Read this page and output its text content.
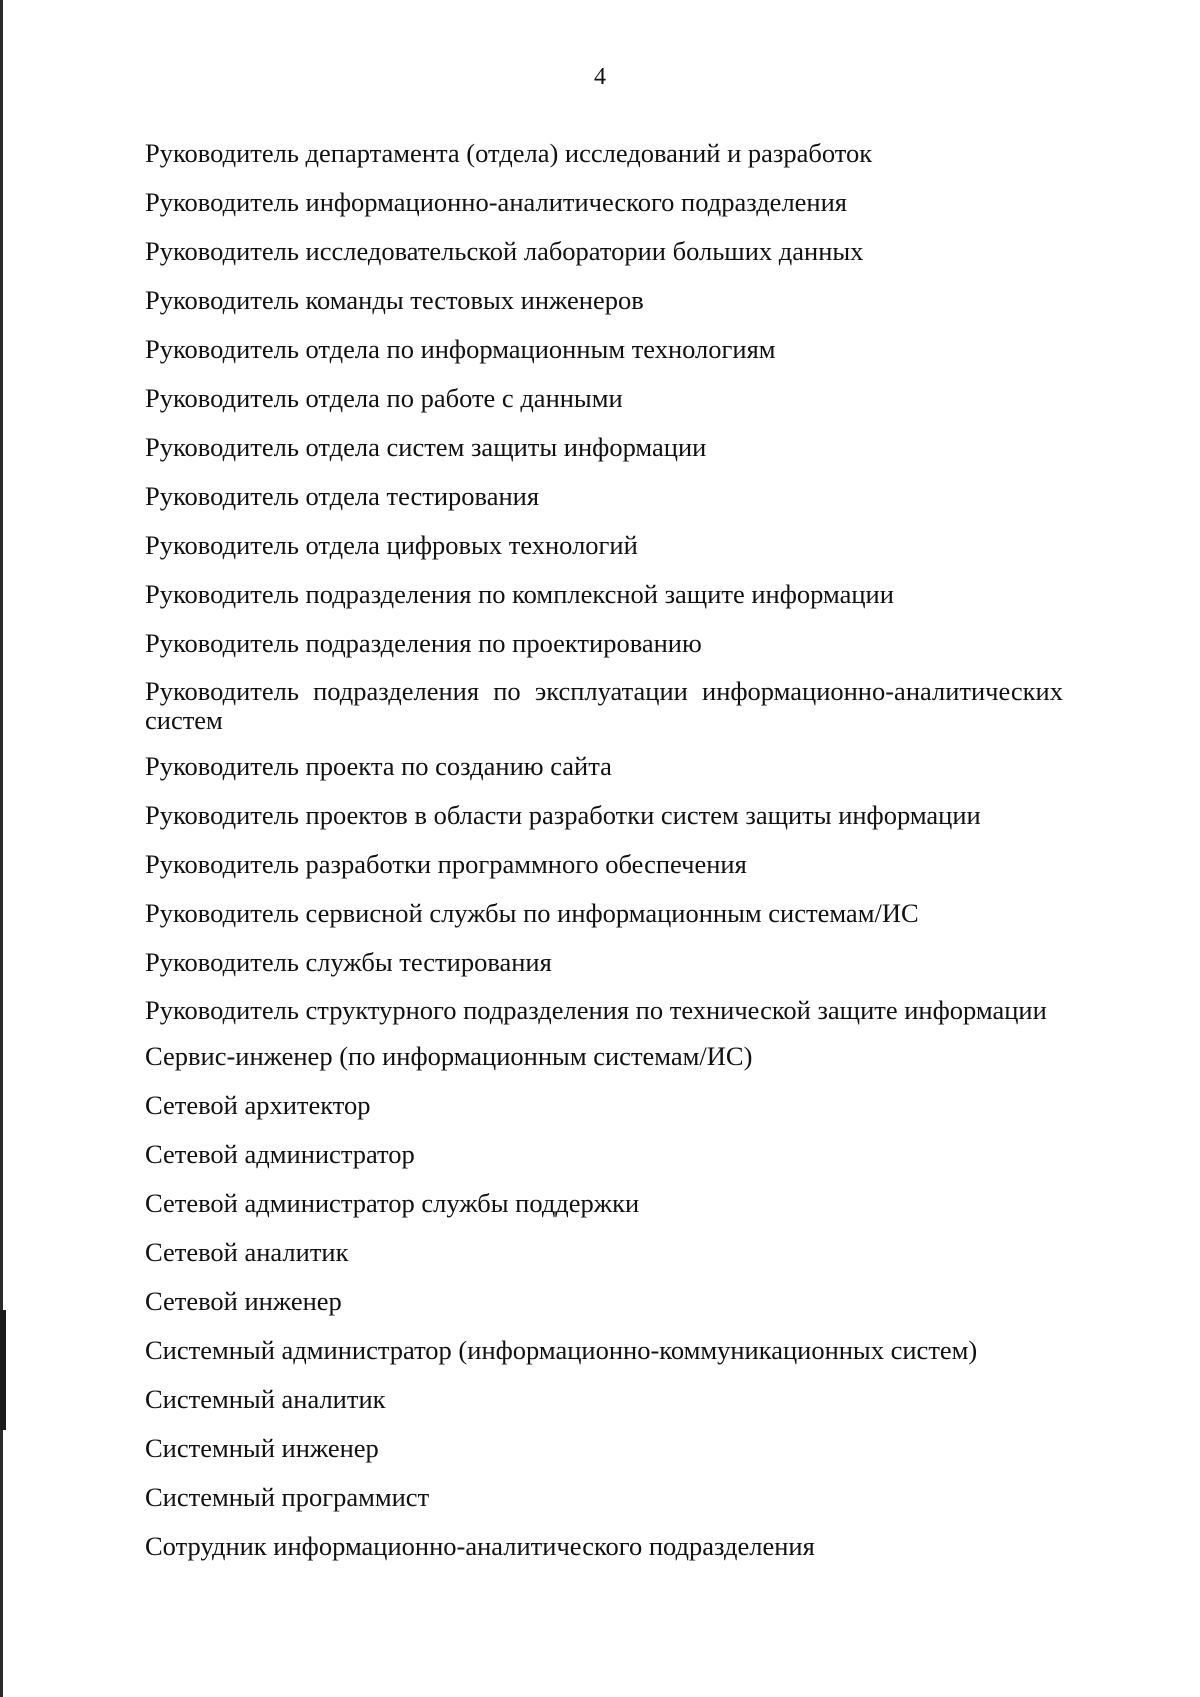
4
Руководитель департамента (отдела) исследований и разработок
Руководитель информационно-аналитического подразделения
Руководитель исследовательской лаборатории больших данных
Руководитель команды тестовых инженеров
Руководитель отдела по информационным технологиям
Руководитель отдела по работе с данными
Руководитель отдела систем защиты информации
Руководитель отдела тестирования
Руководитель отдела цифровых технологий
Руководитель подразделения по комплексной защите информации
Руководитель подразделения по проектированию
Руководитель подразделения по эксплуатации информационно-аналитических систем
Руководитель проекта по созданию сайта
Руководитель проектов в области разработки систем защиты информации
Руководитель разработки программного обеспечения
Руководитель сервисной службы по информационным системам/ИС
Руководитель службы тестирования
Руководитель структурного подразделения по технической защите информации
Сервис-инженер (по информационным системам/ИС)
Сетевой архитектор
Сетевой администратор
Сетевой администратор службы поддержки
Сетевой аналитик
Сетевой инженер
Системный администратор (информационно-коммуникационных систем)
Системный аналитик
Системный инженер
Системный программист
Сотрудник информационно-аналитического подразделения
